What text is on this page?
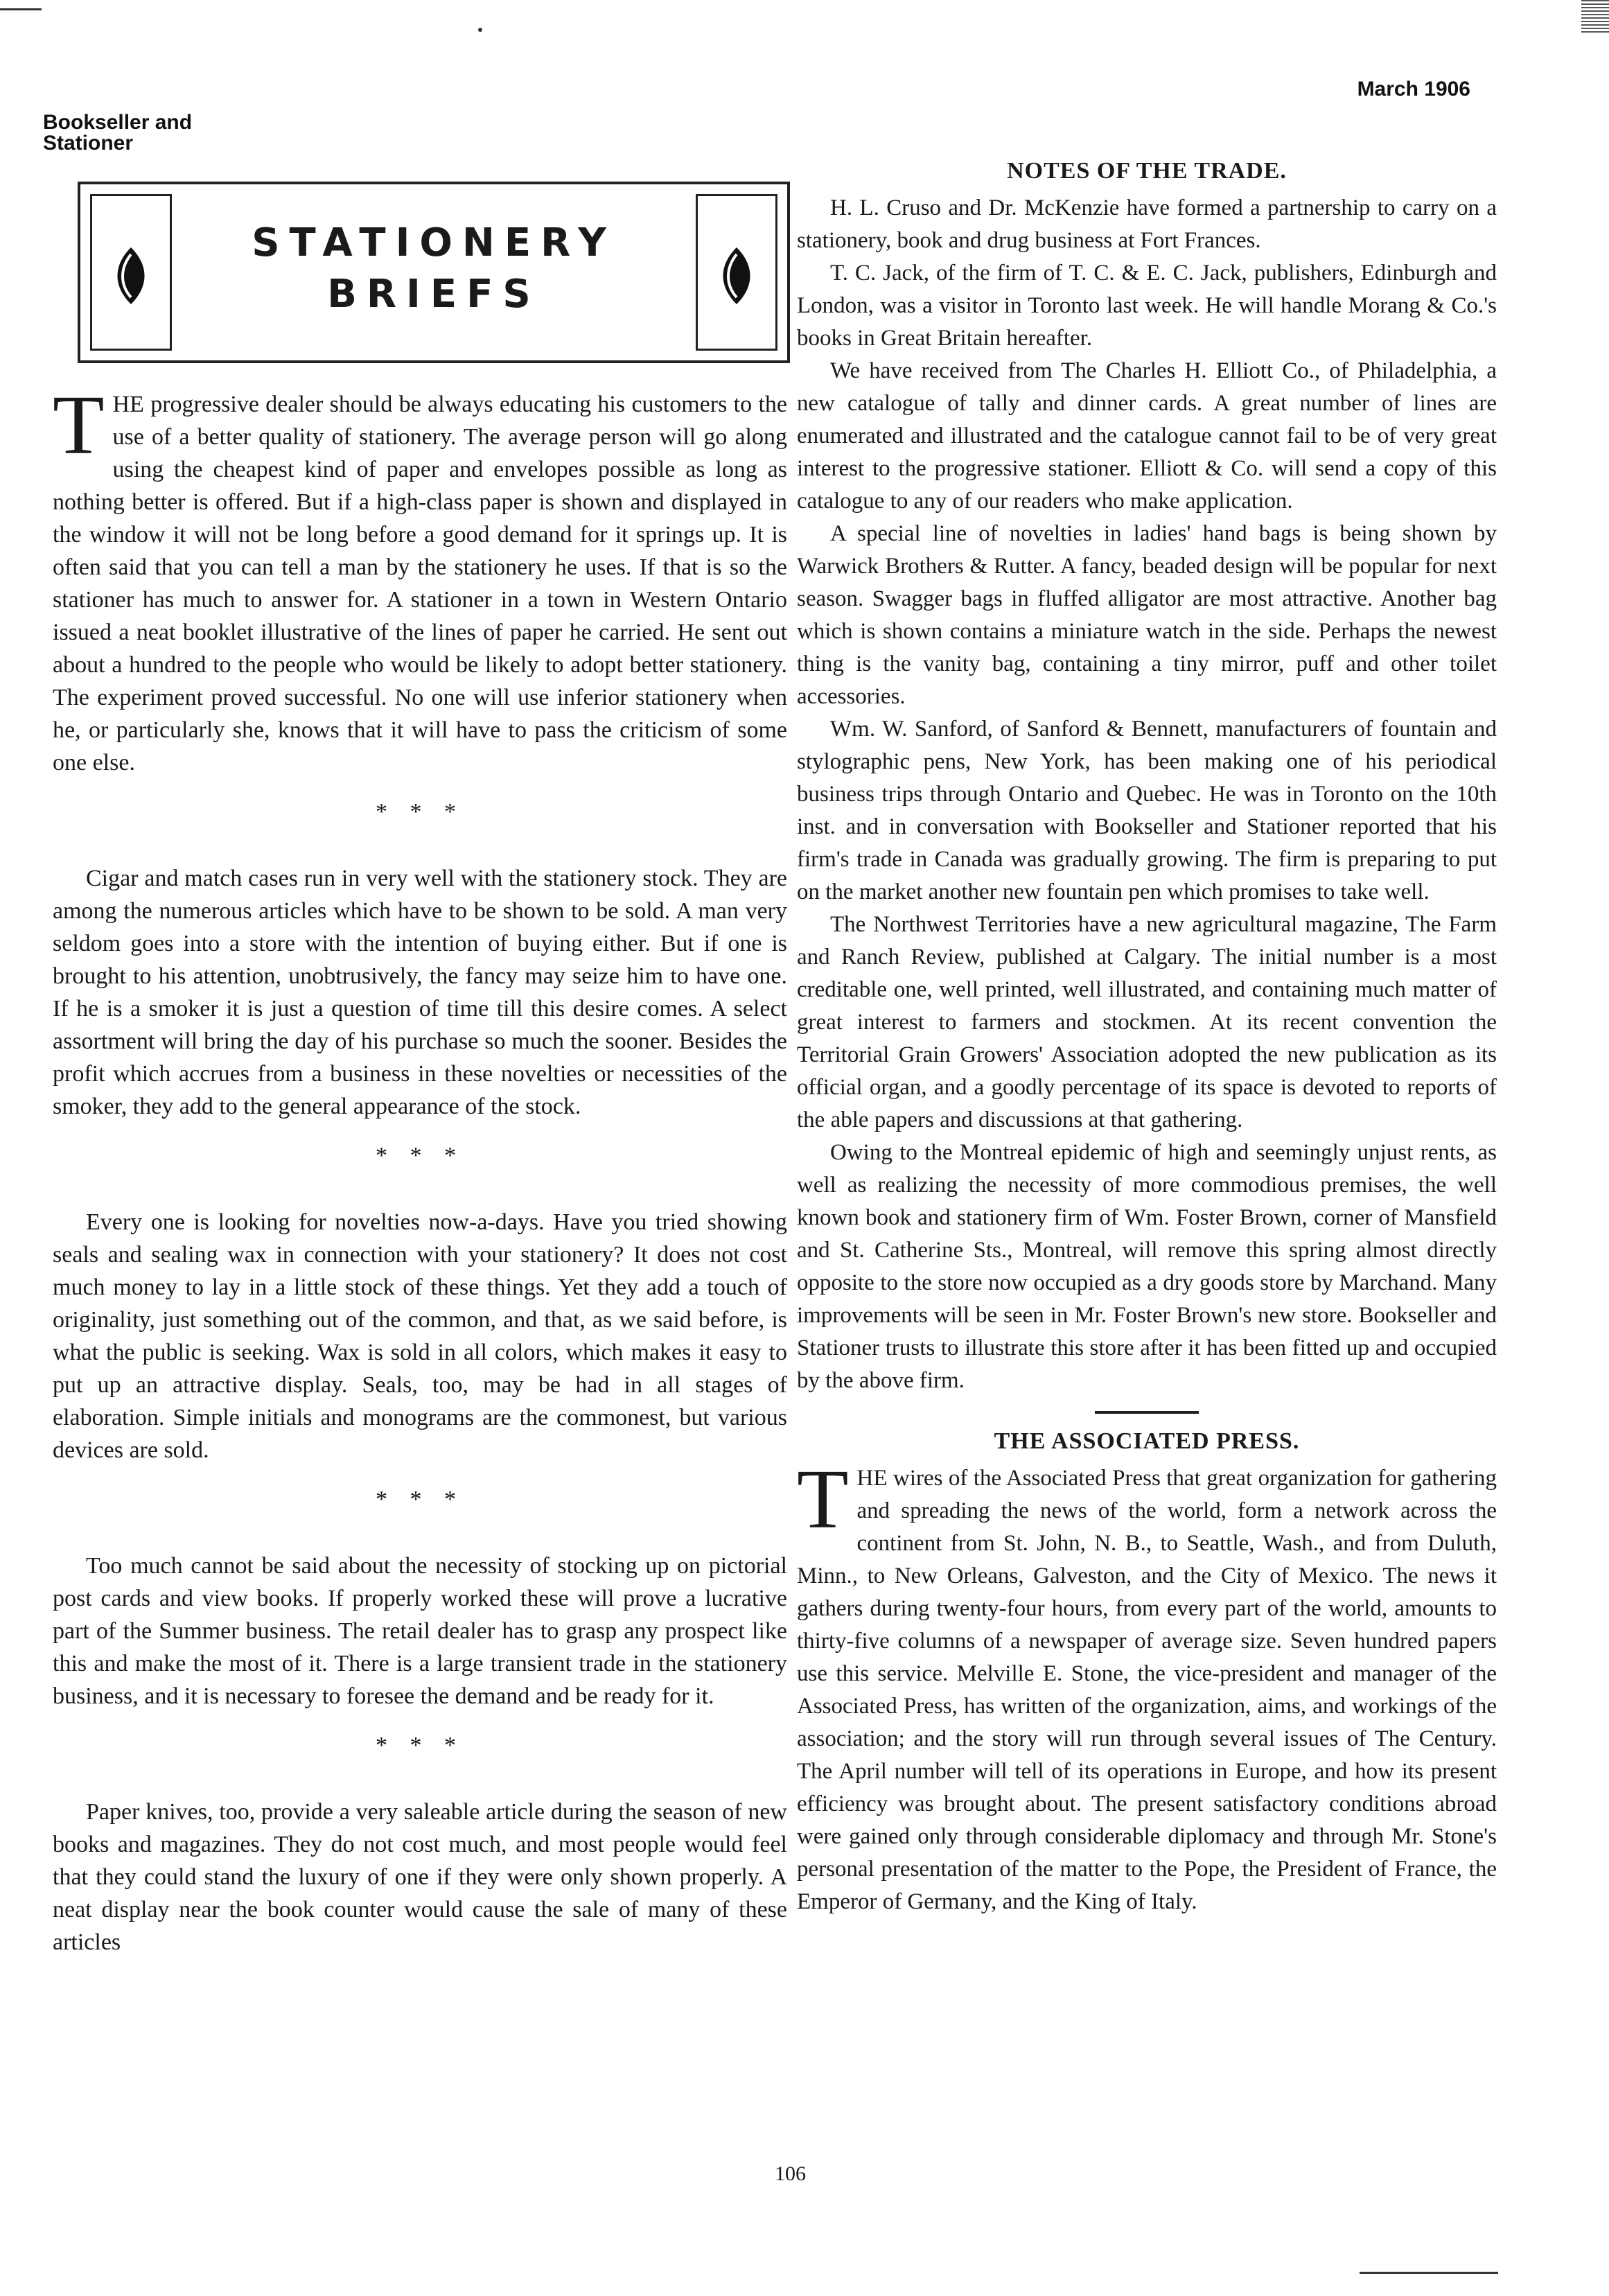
Bookseller and
Stationer
March 1906
STATIONERY
BRIEFS

THE progressive dealer should be always educating his customers to the use of a better quality of stationery. The average person will go along using the cheapest kind of paper and envelopes possible as long as nothing better is offered. But if a high-class paper is shown and displayed in the window it will not be long before a good demand for it springs up. It is often said that you can tell a man by the stationery he uses. If that is so the stationer has much to answer for. A stationer in a town in Western Ontario issued a neat booklet illustrative of the lines of paper he carried. He sent out about a hundred to the people who would be likely to adopt better stationery. The experiment proved successful. No one will use inferior stationery when he, or particularly she, knows that it will have to pass the criticism of some one else.

* * *

Cigar and match cases run in very well with the stationery stock. They are among the numerous articles which have to be shown to be sold. A man very seldom goes into a store with the intention of buying either. But if one is brought to his attention, unobtrusively, the fancy may seize him to have one. If he is a smoker it is just a question of time till this desire comes. A select assortment will bring the day of his purchase so much the sooner. Besides the profit which accrues from a business in these novelties or necessities of the smoker, they add to the general appearance of the stock.

* * *

Every one is looking for novelties now-a-days. Have you tried showing seals and sealing wax in connection with your stationery? It does not cost much money to lay in a little stock of these things. Yet they add a touch of originality, just something out of the common, and that, as we said before, is what the public is seeking. Wax is sold in all colors, which makes it easy to put up an attractive display. Seals, too, may be had in all stages of elaboration. Simple initials and monograms are the commonest, but various devices are sold.

* * *

Too much cannot be said about the necessity of stocking up on pictorial post cards and view books. If properly worked these will prove a lucrative part of the Summer business. The retail dealer has to grasp any prospect like this and make the most of it. There is a large transient trade in the stationery business, and it is necessary to foresee the demand and be ready for it.

* * *

Paper knives, too, provide a very saleable article during the season of new books and magazines. They do not cost much, and most people would feel that they could stand the luxury of one if they were only shown properly. A neat display near the book counter would cause the sale of many of these articles

NOTES OF THE TRADE.

H. L. Cruso and Dr. McKenzie have formed a partnership to carry on a stationery, book and drug business at Fort Frances.

T. C. Jack, of the firm of T. C. & E. C. Jack, publishers, Edinburgh and London, was a visitor in Toronto last week. He will handle Morang & Co.'s books in Great Britain hereafter.

We have received from The Charles H. Elliott Co., of Philadelphia, a new catalogue of tally and dinner cards. A great number of lines are enumerated and illustrated and the catalogue cannot fail to be of very great interest to the progressive stationer. Elliott & Co. will send a copy of this catalogue to any of our readers who make application.

A special line of novelties in ladies' hand bags is being shown by Warwick Brothers & Rutter. A fancy, beaded design will be popular for next season. Swagger bags in fluffed alligator are most attractive. Another bag which is shown contains a miniature watch in the side. Perhaps the newest thing is the vanity bag, containing a tiny mirror, puff and other toilet accessories.

Wm. W. Sanford, of Sanford & Bennett, manufacturers of fountain and stylographic pens, New York, has been making one of his periodical business trips through Ontario and Quebec. He was in Toronto on the 10th inst. and in conversation with Bookseller and Stationer reported that his firm's trade in Canada was gradually growing. The firm is preparing to put on the market another new fountain pen which promises to take well.

The Northwest Territories have a new agricultural magazine, The Farm and Ranch Review, published at Calgary. The initial number is a most creditable one, well printed, well illustrated, and containing much matter of great interest to farmers and stockmen. At its recent convention the Territorial Grain Growers' Association adopted the new publication as its official organ, and a goodly percentage of its space is devoted to reports of the able papers and discussions at that gathering.

Owing to the Montreal epidemic of high and seemingly unjust rents, as well as realizing the necessity of more commodious premises, the well known book and stationery firm of Wm. Foster Brown, corner of Mansfield and St. Catherine Sts., Montreal, will remove this spring almost directly opposite to the store now occupied as a dry goods store by Marchand. Many improvements will be seen in Mr. Foster Brown's new store. Bookseller and Stationer trusts to illustrate this store after it has been fitted up and occupied by the above firm.

THE ASSOCIATED PRESS.

THE wires of the Associated Press that great organization for gathering and spreading the news of the world, form a network across the continent from St. John, N. B., to Seattle, Wash., and from Duluth, Minn., to New Orleans, Galveston, and the City of Mexico. The news it gathers during twenty-four hours, from every part of the world, amounts to thirty-five columns of a newspaper of average size. Seven hundred papers use this service. Melville E. Stone, the vice-president and manager of the Associated Press, has written of the organization, aims, and workings of the association; and the story will run through several issues of The Century. The April number will tell of its operations in Europe, and how its present efficiency was brought about. The present satisfactory conditions abroad were gained only through considerable diplomacy and through Mr. Stone's personal presentation of the matter to the Pope, the President of France, the Emperor of Germany, and the King of Italy.

106
